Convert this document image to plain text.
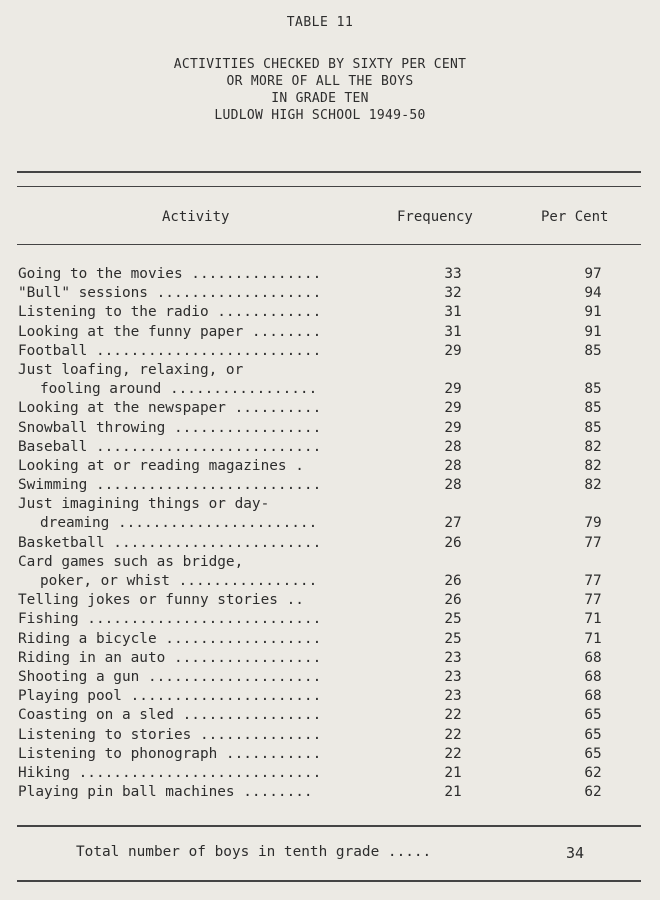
TABLE 11
ACTIVITIES CHECKED BY SIXTY PER CENT
OR MORE OF ALL THE BOYS
IN GRADE TEN
LUDLOW HIGH SCHOOL 1949-50
Activity	Frequency	Per Cent
Going to the movies ...............	33	97
"Bull" sessions ...................	32	94
Listening to the radio ............	31	91
Looking at the funny paper ........	31	91
Football ..........................	29	85
Just loafing, relaxing, or
fooling around .................	29	85
Looking at the newspaper ..........	29	85
Snowball throwing .................	29	85
Baseball ..........................	28	82
Looking at or reading magazines .	28	82
Swimming ..........................	28	82
Just imagining things or day-
dreaming .......................	27	79
Basketball ........................	26	77
Card games such as bridge,
poker, or whist ................	26	77
Telling jokes or funny stories ..	26	77
Fishing ...........................	25	71
Riding a bicycle ..................	25	71
Riding in an auto .................	23	68
Shooting a gun ....................	23	68
Playing pool ......................	23	68
Coasting on a sled ................	22	65
Listening to stories ..............	22	65
Listening to phonograph ...........	22	65
Hiking ............................	21	62
Playing pin ball machines ........	21	62
Total number of boys in tenth grade .....	34
